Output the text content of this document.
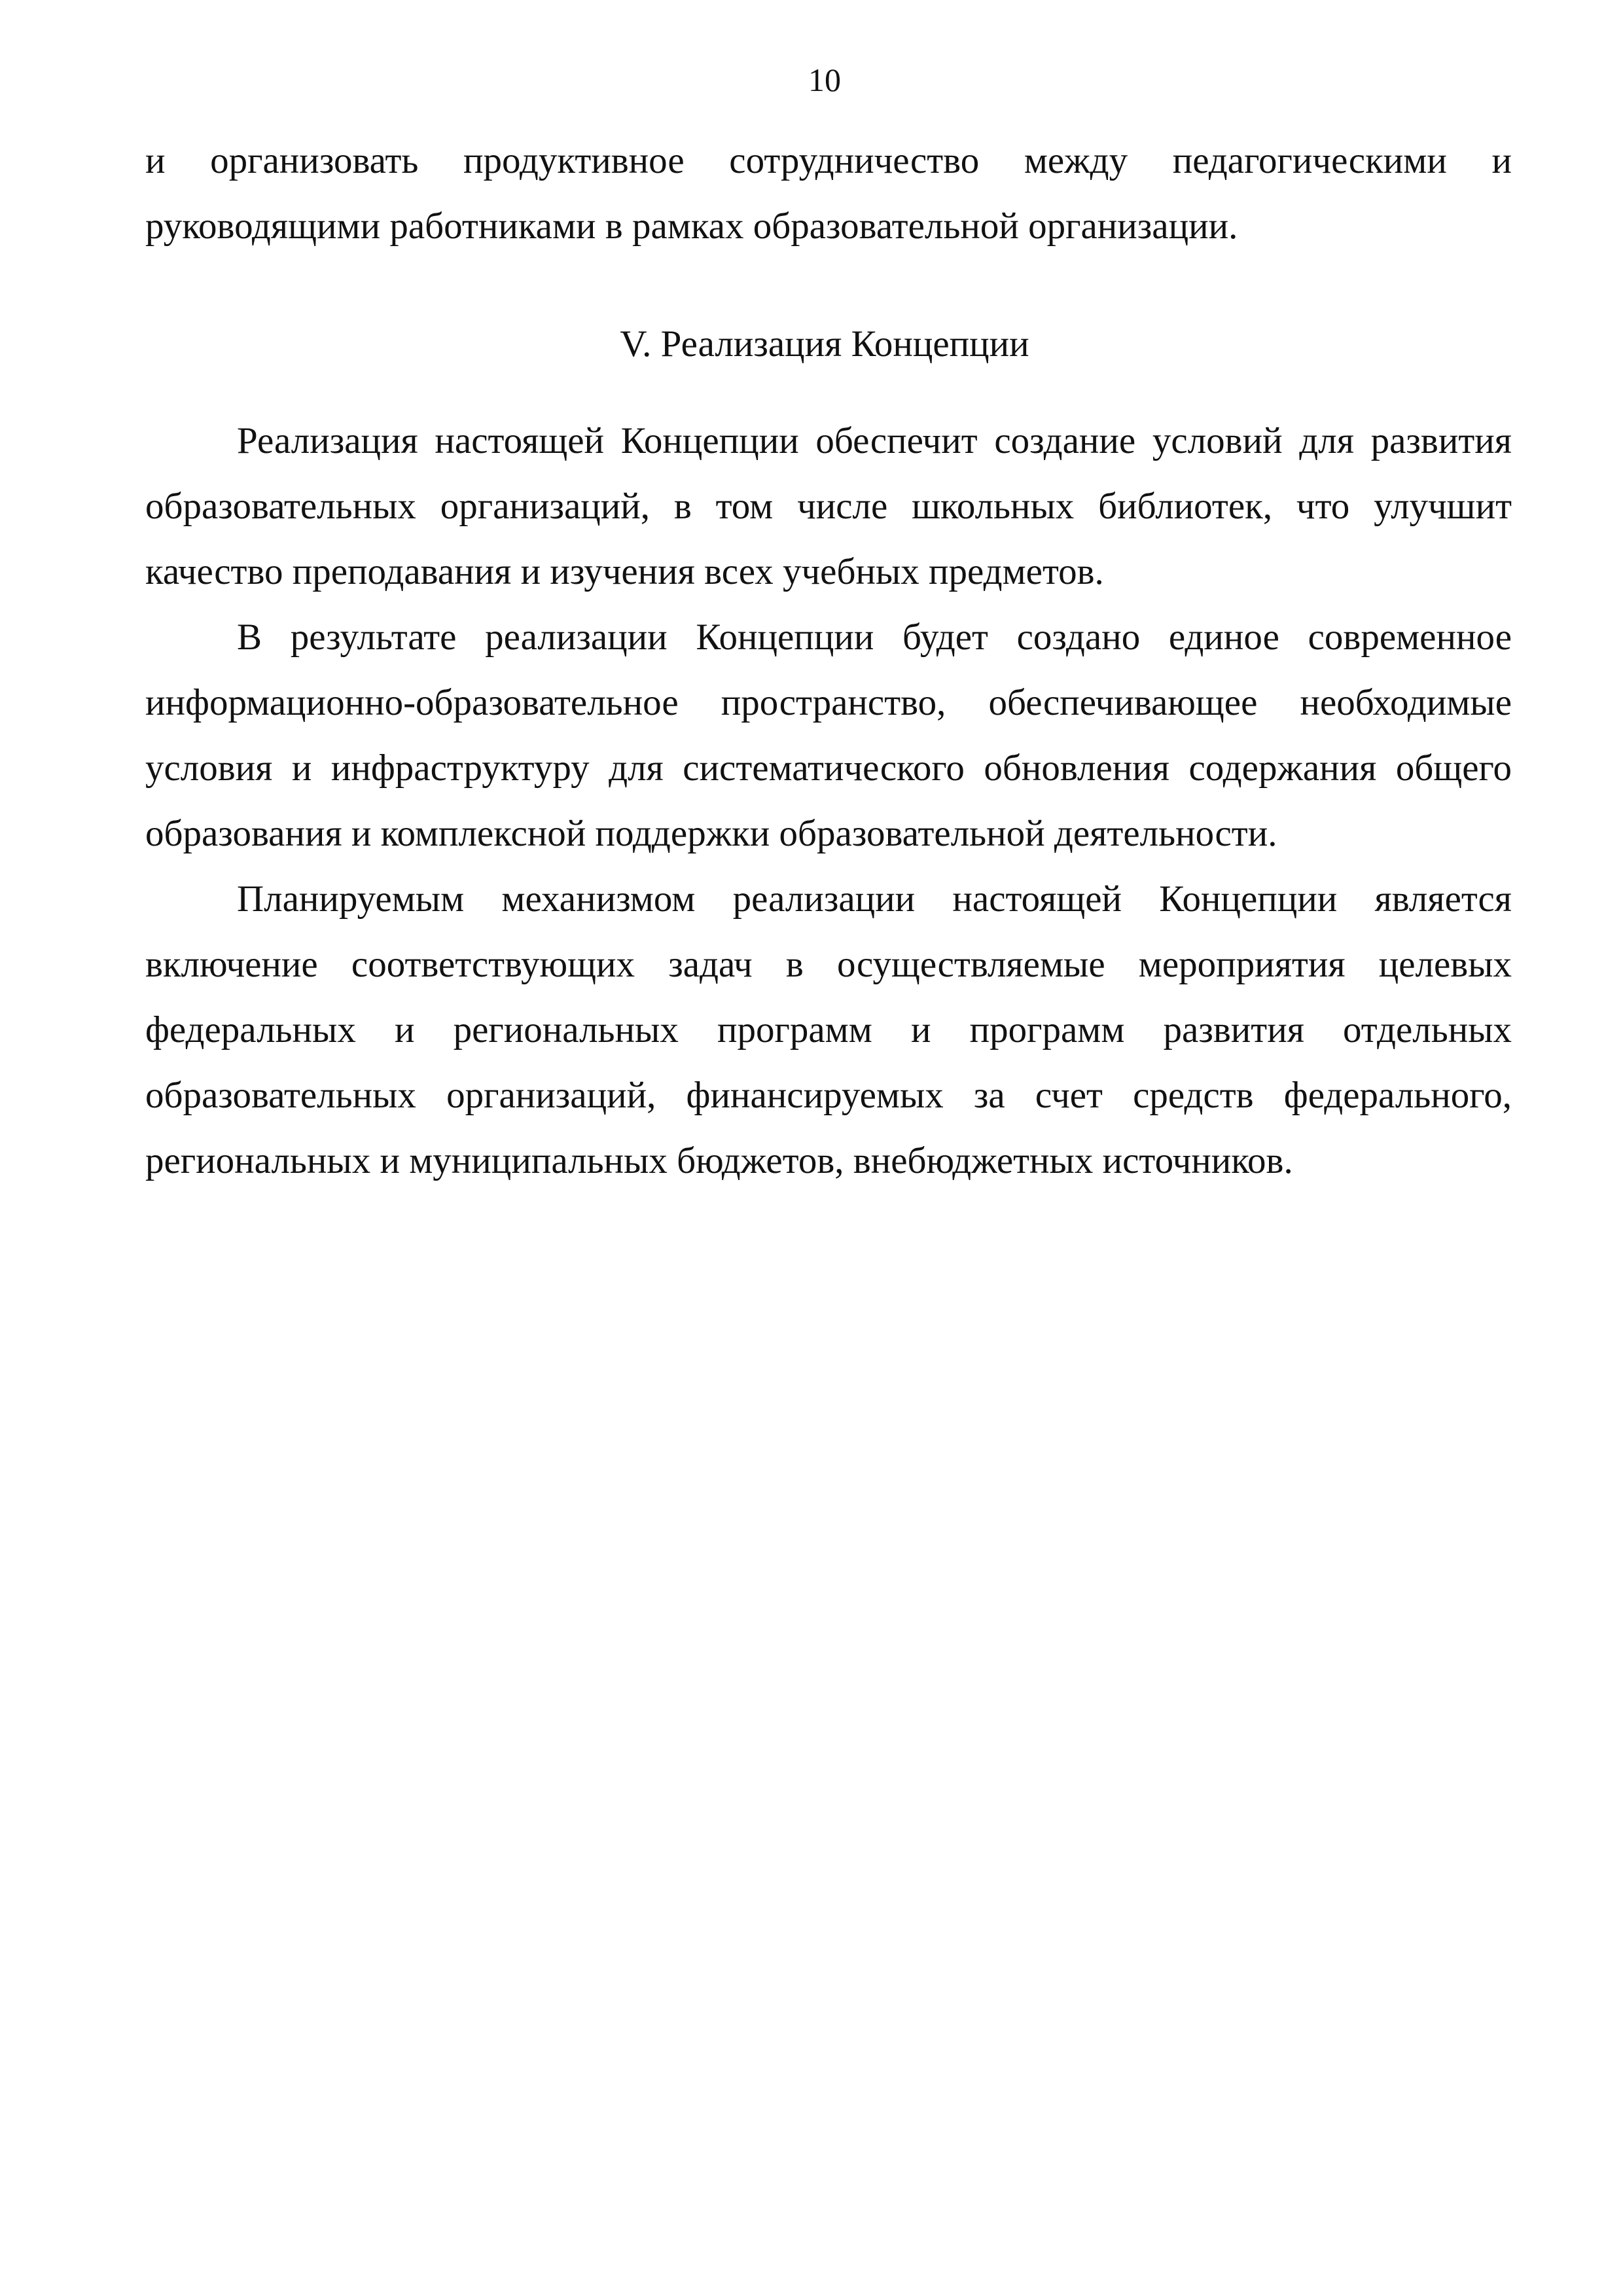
10

и организовать продуктивное сотрудничество между педагогическими и руководящими работниками в рамках образовательной организации.

V. Реализация Концепции

Реализация настоящей Концепции обеспечит создание условий для развития образовательных организаций, в том числе школьных библиотек, что улучшит качество преподавания и изучения всех учебных предметов.

В результате реализации Концепции будет создано единое современное информационно-образовательное пространство, обеспечивающее необходимые условия и инфраструктуру для систематического обновления содержания общего образования и комплексной поддержки образовательной деятельности.

Планируемым механизмом реализации настоящей Концепции является включение соответствующих задач в осуществляемые мероприятия целевых федеральных и региональных программ и программ развития отдельных образовательных организаций, финансируемых за счет средств федерального, региональных и муниципальных бюджетов, внебюджетных источников.
